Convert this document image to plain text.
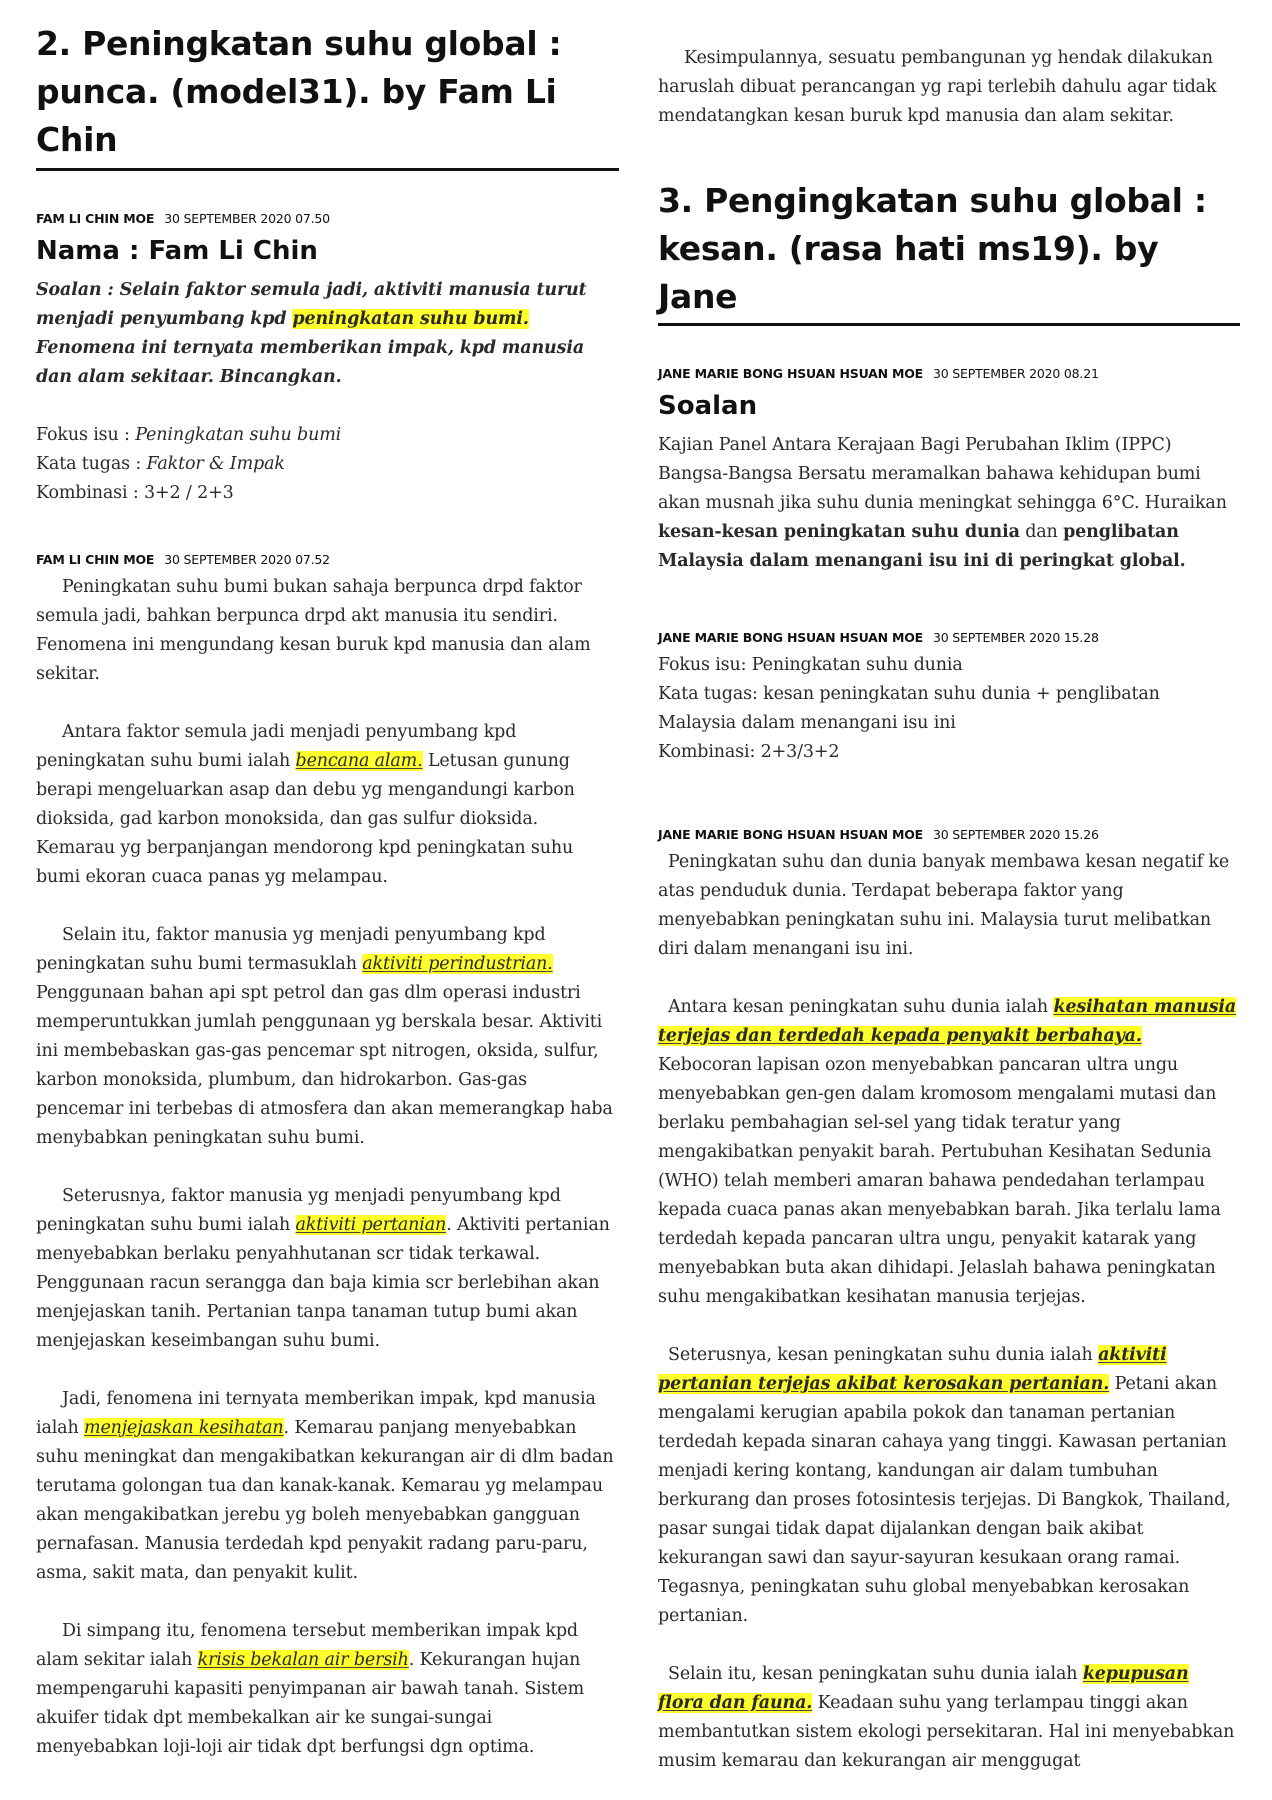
2. Peningkatan suhu global : punca. (model31). by Fam Li Chin
FAM LI CHIN MOE 30 SEPTEMBER 2020 07.50
Nama : Fam Li Chin

Soalan : Selain faktor semula jadi, aktiviti manusia turut menjadi penyumbang kpd peningkatan suhu bumi. Fenomena ini ternyata memberikan impak, kpd manusia dan alam sekitaar. Bincangkan.

Fokus isu : Peningkatan suhu bumi

Kata tugas : Faktor & Impak

Kombinasi : 3+2 / 2+3

FAM LI CHIN MOE 30 SEPTEMBER 2020 07.52

Peningkatan suhu bumi bukan sahaja berpunca drpd faktor semula jadi, bahkan berpunca drpd akt manusia itu sendiri. Fenomena ini mengundang kesan buruk kpd manusia dan alam sekitar.

Antara faktor semula jadi menjadi penyumbang kpd peningkatan suhu bumi ialah bencana alam. Letusan gunung berapi mengeluarkan asap dan debu yg mengandungi karbon dioksida, gad karbon monoksida, dan gas sulfur dioksida. Kemarau yg berpanjangan mendorong kpd peningkatan suhu bumi ekoran cuaca panas yg melampau.

Selain itu, faktor manusia yg menjadi penyumbang kpd peningkatan suhu bumi termasuklah aktiviti perindustrian. Penggunaan bahan api spt petrol dan gas dlm operasi industri memperuntukkan jumlah penggunaan yg berskala besar. Aktiviti ini membebaskan gas-gas pencemar spt nitrogen, oksida, sulfur, karbon monoksida, plumbum, dan hidrokarbon. Gas-gas pencemar ini terbebas di atmosfera dan akan memerangkap haba menybabkan peningkatan suhu bumi.

Seterusnya, faktor manusia yg menjadi penyumbang kpd peningkatan suhu bumi ialah aktiviti pertanian. Aktiviti pertanian menyebabkan berlaku penyahhutanan scr tidak terkawal. Penggunaan racun serangga dan baja kimia scr berlebihan akan menjejaskan tanih. Pertanian tanpa tanaman tutup bumi akan menjejaskan keseimbangan suhu bumi.

Jadi, fenomena ini ternyata memberikan impak, kpd manusia ialah menjejaskan kesihatan. Kemarau panjang menyebabkan suhu meningkat dan mengakibatkan kekurangan air di dlm badan terutama golongan tua dan kanak-kanak. Kemarau yg melampau akan mengakibatkan jerebu yg boleh menyebabkan gangguan pernafasan. Manusia terdedah kpd penyakit radang paru-paru, asma, sakit mata, dan penyakit kulit.

Di simpang itu, fenomena tersebut memberikan impak kpd alam sekitar ialah krisis bekalan air bersih. Kekurangan hujan mempengaruhi kapasiti penyimpanan air bawah tanah. Sistem akuifer tidak dpt membekalkan air ke sungai-sungai menyebabkan loji-loji air tidak dpt berfungsi dgn optima.

Kesimpulannya, sesuatu pembangunan yg hendak dilakukan haruslah dibuat perancangan yg rapi terlebih dahulu agar tidak mendatangkan kesan buruk kpd manusia dan alam sekitar.

3. Pengingkatan suhu global : kesan. (rasa hati ms19). by Jane
JANE MARIE BONG HSUAN HSUAN MOE 30 SEPTEMBER 2020 08.21
Soalan

Kajian Panel Antara Kerajaan Bagi Perubahan Iklim (IPPC) Bangsa-Bangsa Bersatu meramalkan bahawa kehidupan bumi akan musnah jika suhu dunia meningkat sehingga 6°C. Huraikan kesan-kesan peningkatan suhu dunia dan penglibatan Malaysia dalam menangani isu ini di peringkat global.

JANE MARIE BONG HSUAN HSUAN MOE 30 SEPTEMBER 2020 15.28

Fokus isu: Peningkatan suhu dunia

Kata tugas: kesan peningkatan suhu dunia + penglibatan Malaysia dalam menangani isu ini

Kombinasi: 2+3/3+2

JANE MARIE BONG HSUAN HSUAN MOE 30 SEPTEMBER 2020 15.26

Peningkatan suhu dan dunia banyak membawa kesan negatif ke atas penduduk dunia. Terdapat beberapa faktor yang menyebabkan peningkatan suhu ini. Malaysia turut melibatkan diri dalam menangani isu ini.

Antara kesan peningkatan suhu dunia ialah kesihatan manusia terjejas dan terdedah kepada penyakit berbahaya. Kebocoran lapisan ozon menyebabkan pancaran ultra ungu menyebabkan gen-gen dalam kromosom mengalami mutasi dan berlaku pembahagian sel-sel yang tidak teratur yang mengakibatkan penyakit barah. Pertubuhan Kesihatan Sedunia (WHO) telah memberi amaran bahawa pendedahan terlampau kepada cuaca panas akan menyebabkan barah. Jika terlalu lama terdedah kepada pancaran ultra ungu, penyakit katarak yang menyebabkan buta akan dihidapi. Jelaslah bahawa peningkatan suhu mengakibatkan kesihatan manusia terjejas.

Seterusnya, kesan peningkatan suhu dunia ialah aktiviti pertanian terjejas akibat kerosakan pertanian. Petani akan mengalami kerugian apabila pokok dan tanaman pertanian terdedah kepada sinaran cahaya yang tinggi. Kawasan pertanian menjadi kering kontang, kandungan air dalam tumbuhan berkurang dan proses fotosintesis terjejas. Di Bangkok, Thailand, pasar sungai tidak dapat dijalankan dengan baik akibat kekurangan sawi dan sayur-sayuran kesukaan orang ramai. Tegasnya, peningkatan suhu global menyebabkan kerosakan pertanian.

Selain itu, kesan peningkatan suhu dunia ialah kepupusan flora dan fauna. Keadaan suhu yang terlampau tinggi akan membantutkan sistem ekologi persekitaran. Hal ini menyebabkan musim kemarau dan kekurangan air menggugat
